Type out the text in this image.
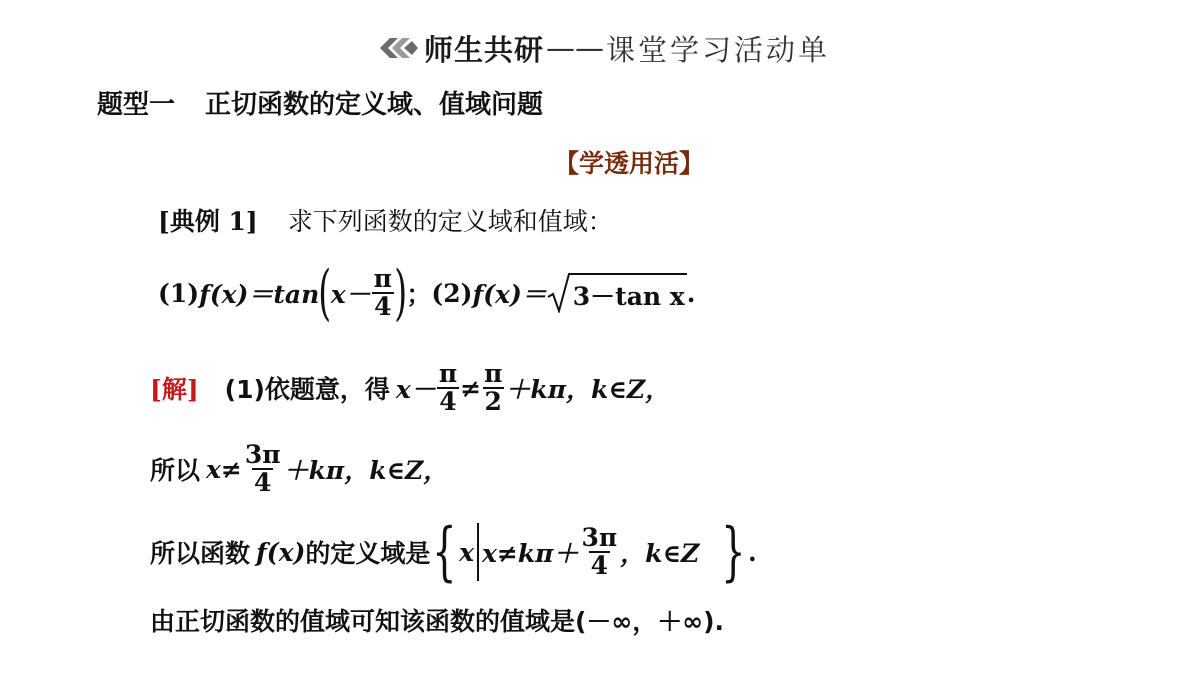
师生共研 —— 课堂学习活动单
题型一 正切函数的定义域、值域问题
【学透用活】
[典例 1] 求下列函数的定义域和值域：
(1) f(x)＝tan ( $x- \frac{\pi}{4}$ ) ； (2) f(x)＝ 3－tan x .
[解] (1)依题意，得 $x- \frac{\pi}{4} \ne \frac{\pi}{2} +k\pi$， k∈Z，
所以 $x\ne \frac{3\pi}{4} +k\pi$， k∈Z，
所以函数 f(x) 的定义域是 { x $x\ne k\pi+ \frac{3\pi}{4}$ ，k∈Z } .
由正切函数的值域可知该函数的值域是(－∞，＋∞).
